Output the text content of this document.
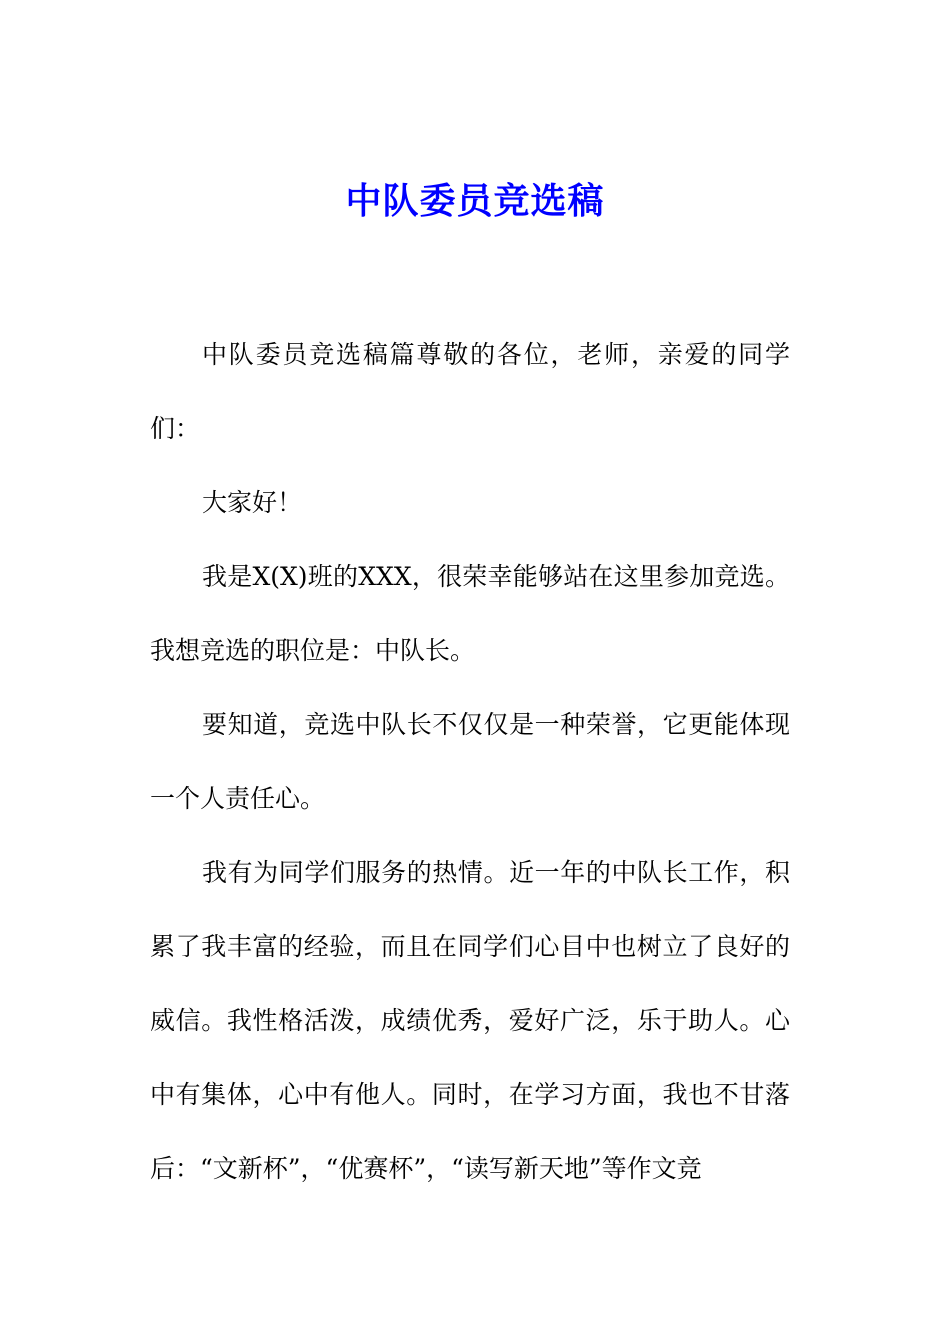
中队委员竞选稿

中队委员竞选稿篇尊敬的各位，老师，亲爱的同学们：

大家好！

我是X(X)班的XXX，很荣幸能够站在这里参加竞选。我想竞选的职位是：中队长。

要知道，竞选中队长不仅仅是一种荣誉，它更能体现一个人责任心。

我有为同学们服务的热情。近一年的中队长工作，积累了我丰富的经验，而且在同学们心目中也树立了良好的威信。我性格活泼，成绩优秀，爱好广泛，乐于助人。心中有集体，心中有他人。同时，在学习方面，我也不甘落后：“文新杯”，“优赛杯”，“读写新天地”等作文竞
